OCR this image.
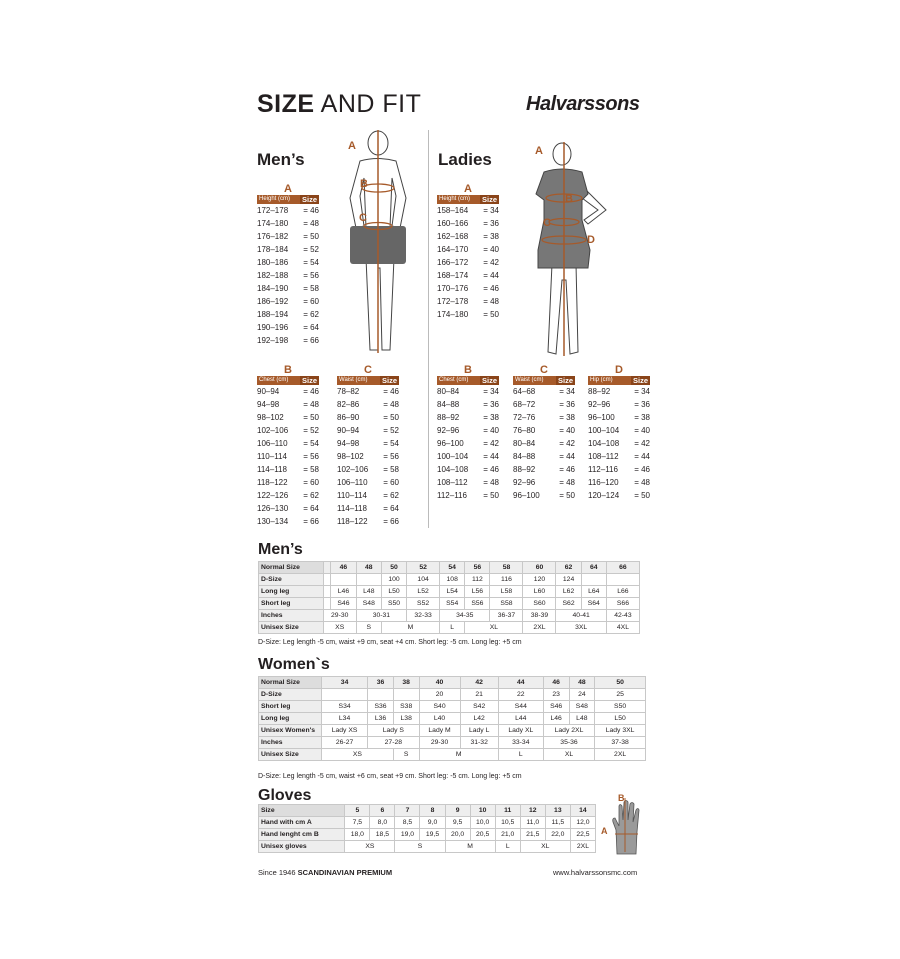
SIZE AND FIT	Halvarssons
Men’s
A
Height (cm)	Size
172–178	= 46
174–180	= 48
176–182	= 50
178–184	= 52
180–186	= 54
182–188	= 56
184–190	= 58
186–192	= 60
188–194	= 62
190–196	= 64
192–198	= 66
B
Chest (cm)	Size
90–94	= 46
94–98	= 48
98–102	= 50
102–106	= 52
106–110	= 54
110–114	= 56
114–118	= 58
118–122	= 60
122–126	= 62
126–130	= 64
130–134	= 66
C
Waist (cm)	Size
78–82	= 46
82–86	= 48
86–90	= 50
90–94	= 52
94–98	= 54
98–102	= 56
102–106	= 58
106–110	= 60
110–114	= 62
114–118	= 64
118–122	= 66
A
B
C
Ladies
A
Height (cm)	Size
158–164	= 34
160–166	= 36
162–168	= 38
164–170	= 40
166–172	= 42
168–174	= 44
170–176	= 46
172–178	= 48
174–180	= 50
B
Chest (cm)	Size
80–84	= 34
84–88	= 36
88–92	= 38
92–96	= 40
96–100	= 42
100–104	= 44
104–108	= 46
108–112	= 48
112–116	= 50
C
Waist (cm)	Size
64–68	= 34
68–72	= 36
72–76	= 38
76–80	= 40
80–84	= 42
84–88	= 44
88–92	= 46
92–96	= 48
96–100	= 50
D
Hip (cm)	Size
88–92	= 34
92–96	= 36
96–100	= 38
100–104	= 40
104–108	= 42
108–112	= 44
112–116	= 46
116–120	= 48
120–124	= 50
A
B
C
D
Men’s
Normal Size		46	48	50	52	54	56	58	60	62	64	66
D-Size				100	104	108	112	116	120	124		
Long leg		L46	L48	L50	L52	L54	L56	L58	L60	L62	L64	L66
Short leg		S46	S48	S50	S52	S54	S56	S58	S60	S62	S64	S66
Inches	29-30		30-31		32-33	34-35		36-37	38-39	40-41		42-43
Unisex Size	XS		S	M		L	XL		2XL	3XL		4XL
D-Size: Leg length -5 cm, waist +9 cm, seat +4 cm. Short leg: -5 cm. Long leg: +5 cm
Women`s
Normal Size	34	36	38	40	42	44	46	48	50
D-Size				20	21	22	23	24	25
Short leg	S34	S36	S38	S40	S42	S44	S46	S48	S50
Long leg	L34	L36	L38	L40	L42	L44	L46	L48	L50
Unisex Women's	Lady XS	Lady S		Lady M	Lady L	Lady XL	Lady 2XL		Lady 3XL
Inches	26-27	27-28		29-30	31-32	33-34	35-36		37-38
Unisex Size	XS		S	M		L	XL		2XL
D-Size: Leg length -5 cm, waist +6 cm, seat +9 cm. Short leg: -5 cm. Long leg: +5 cm
Gloves
Size	5	6	7	8	9	10	11	12	13	14
Hand with cm A	7,5	8,0	8,5	9,0	9,5	10,0	10,5	11,0	11,5	12,0
Hand lenght cm B	18,0	18,5	19,0	19,5	20,0	20,5	21,0	21,5	22,0	22,5
Unisex gloves	XS		S		M		L	XL		2XL
B
A
Since 1946 SCANDINAVIAN PREMIUM	www.halvarssonsmc.com
